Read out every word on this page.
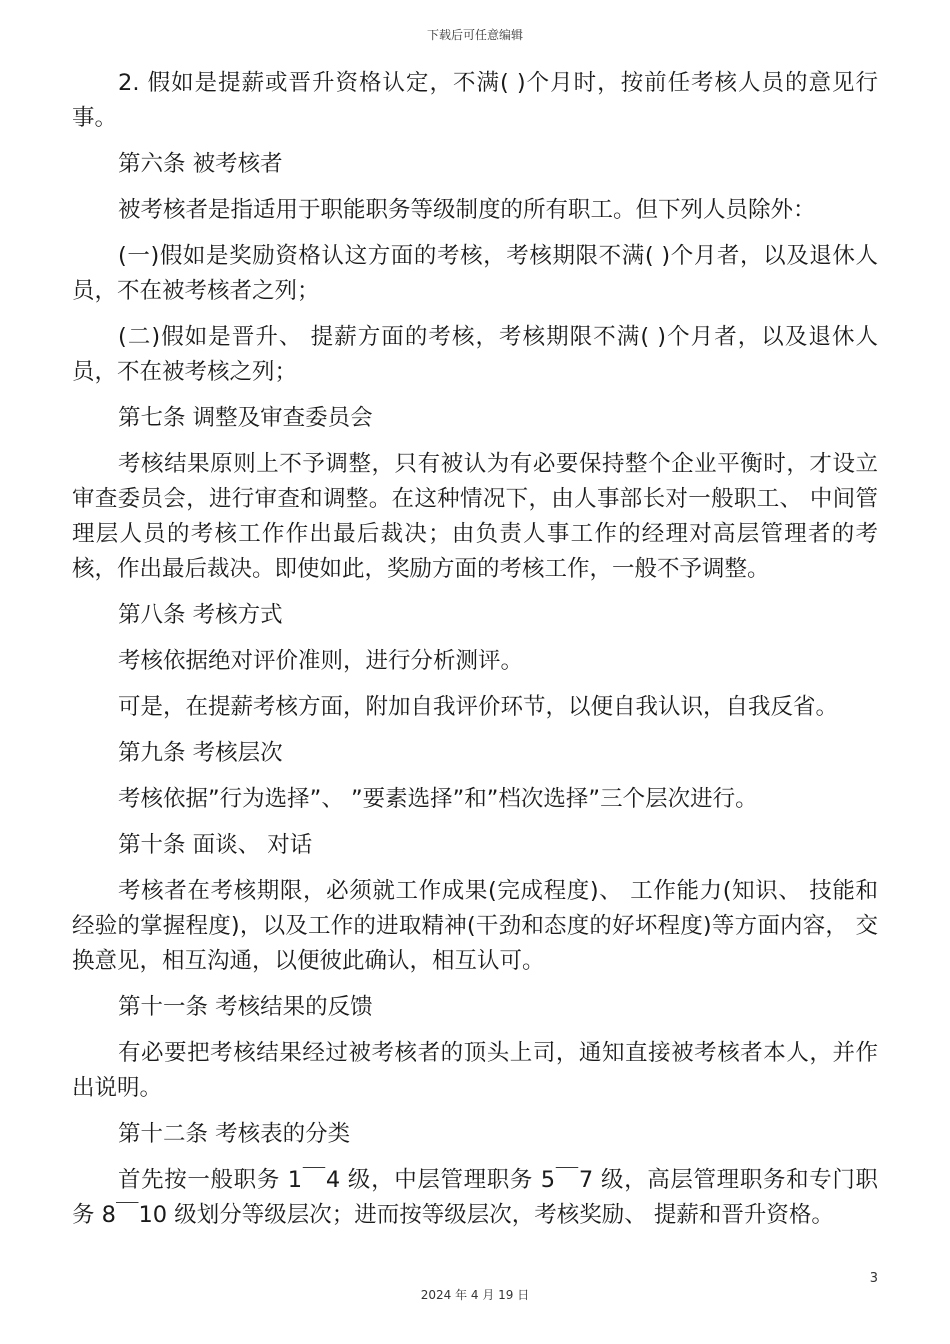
下载后可任意编辑

2. 假如是提薪或晋升资格认定，不满( )个月时，按前任考核人员的意见行事。

第六条 被考核者

被考核者是指适用于职能职务等级制度的所有职工。但下列人员除外：

(一)假如是奖励资格认这方面的考核，考核期限不满( )个月者，以及退休人员，不在被考核者之列；

(二)假如是晋升、 提薪方面的考核，考核期限不满( )个月者，以及退休人员，不在被考核之列；

第七条 调整及审查委员会

考核结果原则上不予调整，只有被认为有必要保持整个企业平衡时，才设立审查委员会，进行审查和调整。在这种情况下，由人事部长对一般职工、 中间管理层人员的考核工作作出最后裁决；由负责人事工作的经理对高层管理者的考核，作出最后裁决。即使如此，奖励方面的考核工作，一般不予调整。

第八条 考核方式

考核依据绝对评价准则，进行分析测评。

可是，在提薪考核方面，附加自我评价环节，以便自我认识，自我反省。

第九条 考核层次

考核依据”行为选择”、 ”要素选择”和”档次选择”三个层次进行。

第十条 面谈、 对话

考核者在考核期限，必须就工作成果(完成程度)、 工作能力(知识、 技能和经验的掌握程度)，以及工作的进取精神(干劲和态度的好坏程度)等方面内容， 交换意见，相互沟通，以便彼此确认，相互认可。

第十一条 考核结果的反馈

有必要把考核结果经过被考核者的顶头上司，通知直接被考核者本人，并作出说明。

第十二条 考核表的分类

首先按一般职务 1￣4 级，中层管理职务 5￣7 级，高层管理职务和专门职务 8￣10 级划分等级层次；进而按等级层次，考核奖励、 提薪和晋升资格。

3
2024 年 4 月 19 日
